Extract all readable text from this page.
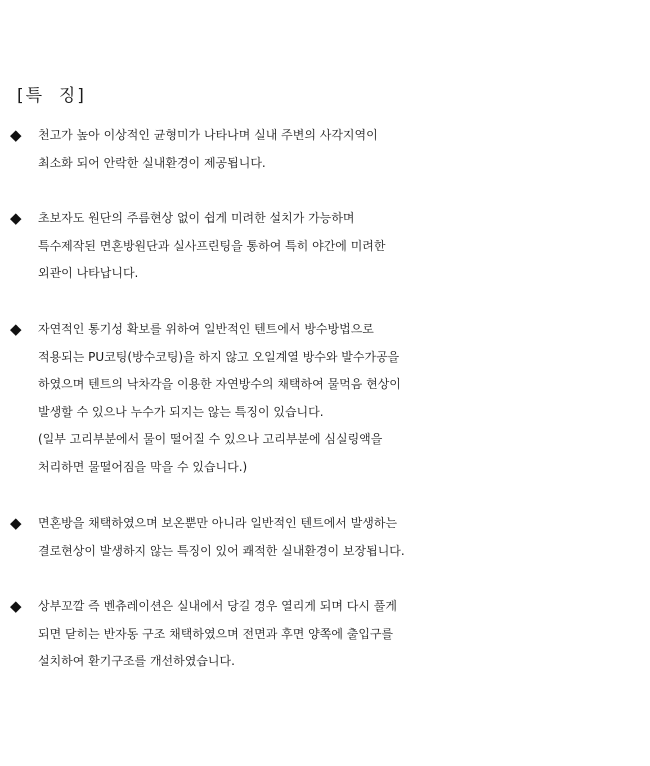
[특  징]
◆	천고가 높아 이상적인 균형미가 나타나며 실내 주변의 사각지역이
최소화 되어 안락한 실내환경이 제공됩니다.
◆	초보자도 원단의 주름현상 없이 쉽게 미려한 설치가 가능하며
특수제작된 면혼방원단과 실사프린팅을 통하여 특히 야간에 미려한
외관이 나타납니다.
◆	자연적인 통기성 확보를 위하여 일반적인 텐트에서 방수방법으로
적용되는 PU코팅(방수코팅)을 하지 않고 오일계열 방수와 발수가공을
하였으며 텐트의 낙차각을 이용한 자연방수의 채택하여 물먹음 현상이
발생할 수 있으나 누수가 되지는 않는 특징이 있습니다.
(일부 고리부분에서 물이 떨어질 수 있으나 고리부분에 심실링액을
처리하면 물떨어짐을 막을 수 있습니다.)
◆	면혼방을 채택하였으며 보온뿐만 아니라 일반적인 텐트에서 발생하는
결로현상이 발생하지 않는 특징이 있어 쾌적한 실내환경이 보장됩니다.
◆	상부꼬깔 즉 벤츄레이션은 실내에서 당길 경우 열리게 되며 다시 풀게
되면 닫히는 반자동 구조 채택하였으며 전면과 후면 양쪽에 출입구를
설치하여 환기구조를 개선하였습니다.
